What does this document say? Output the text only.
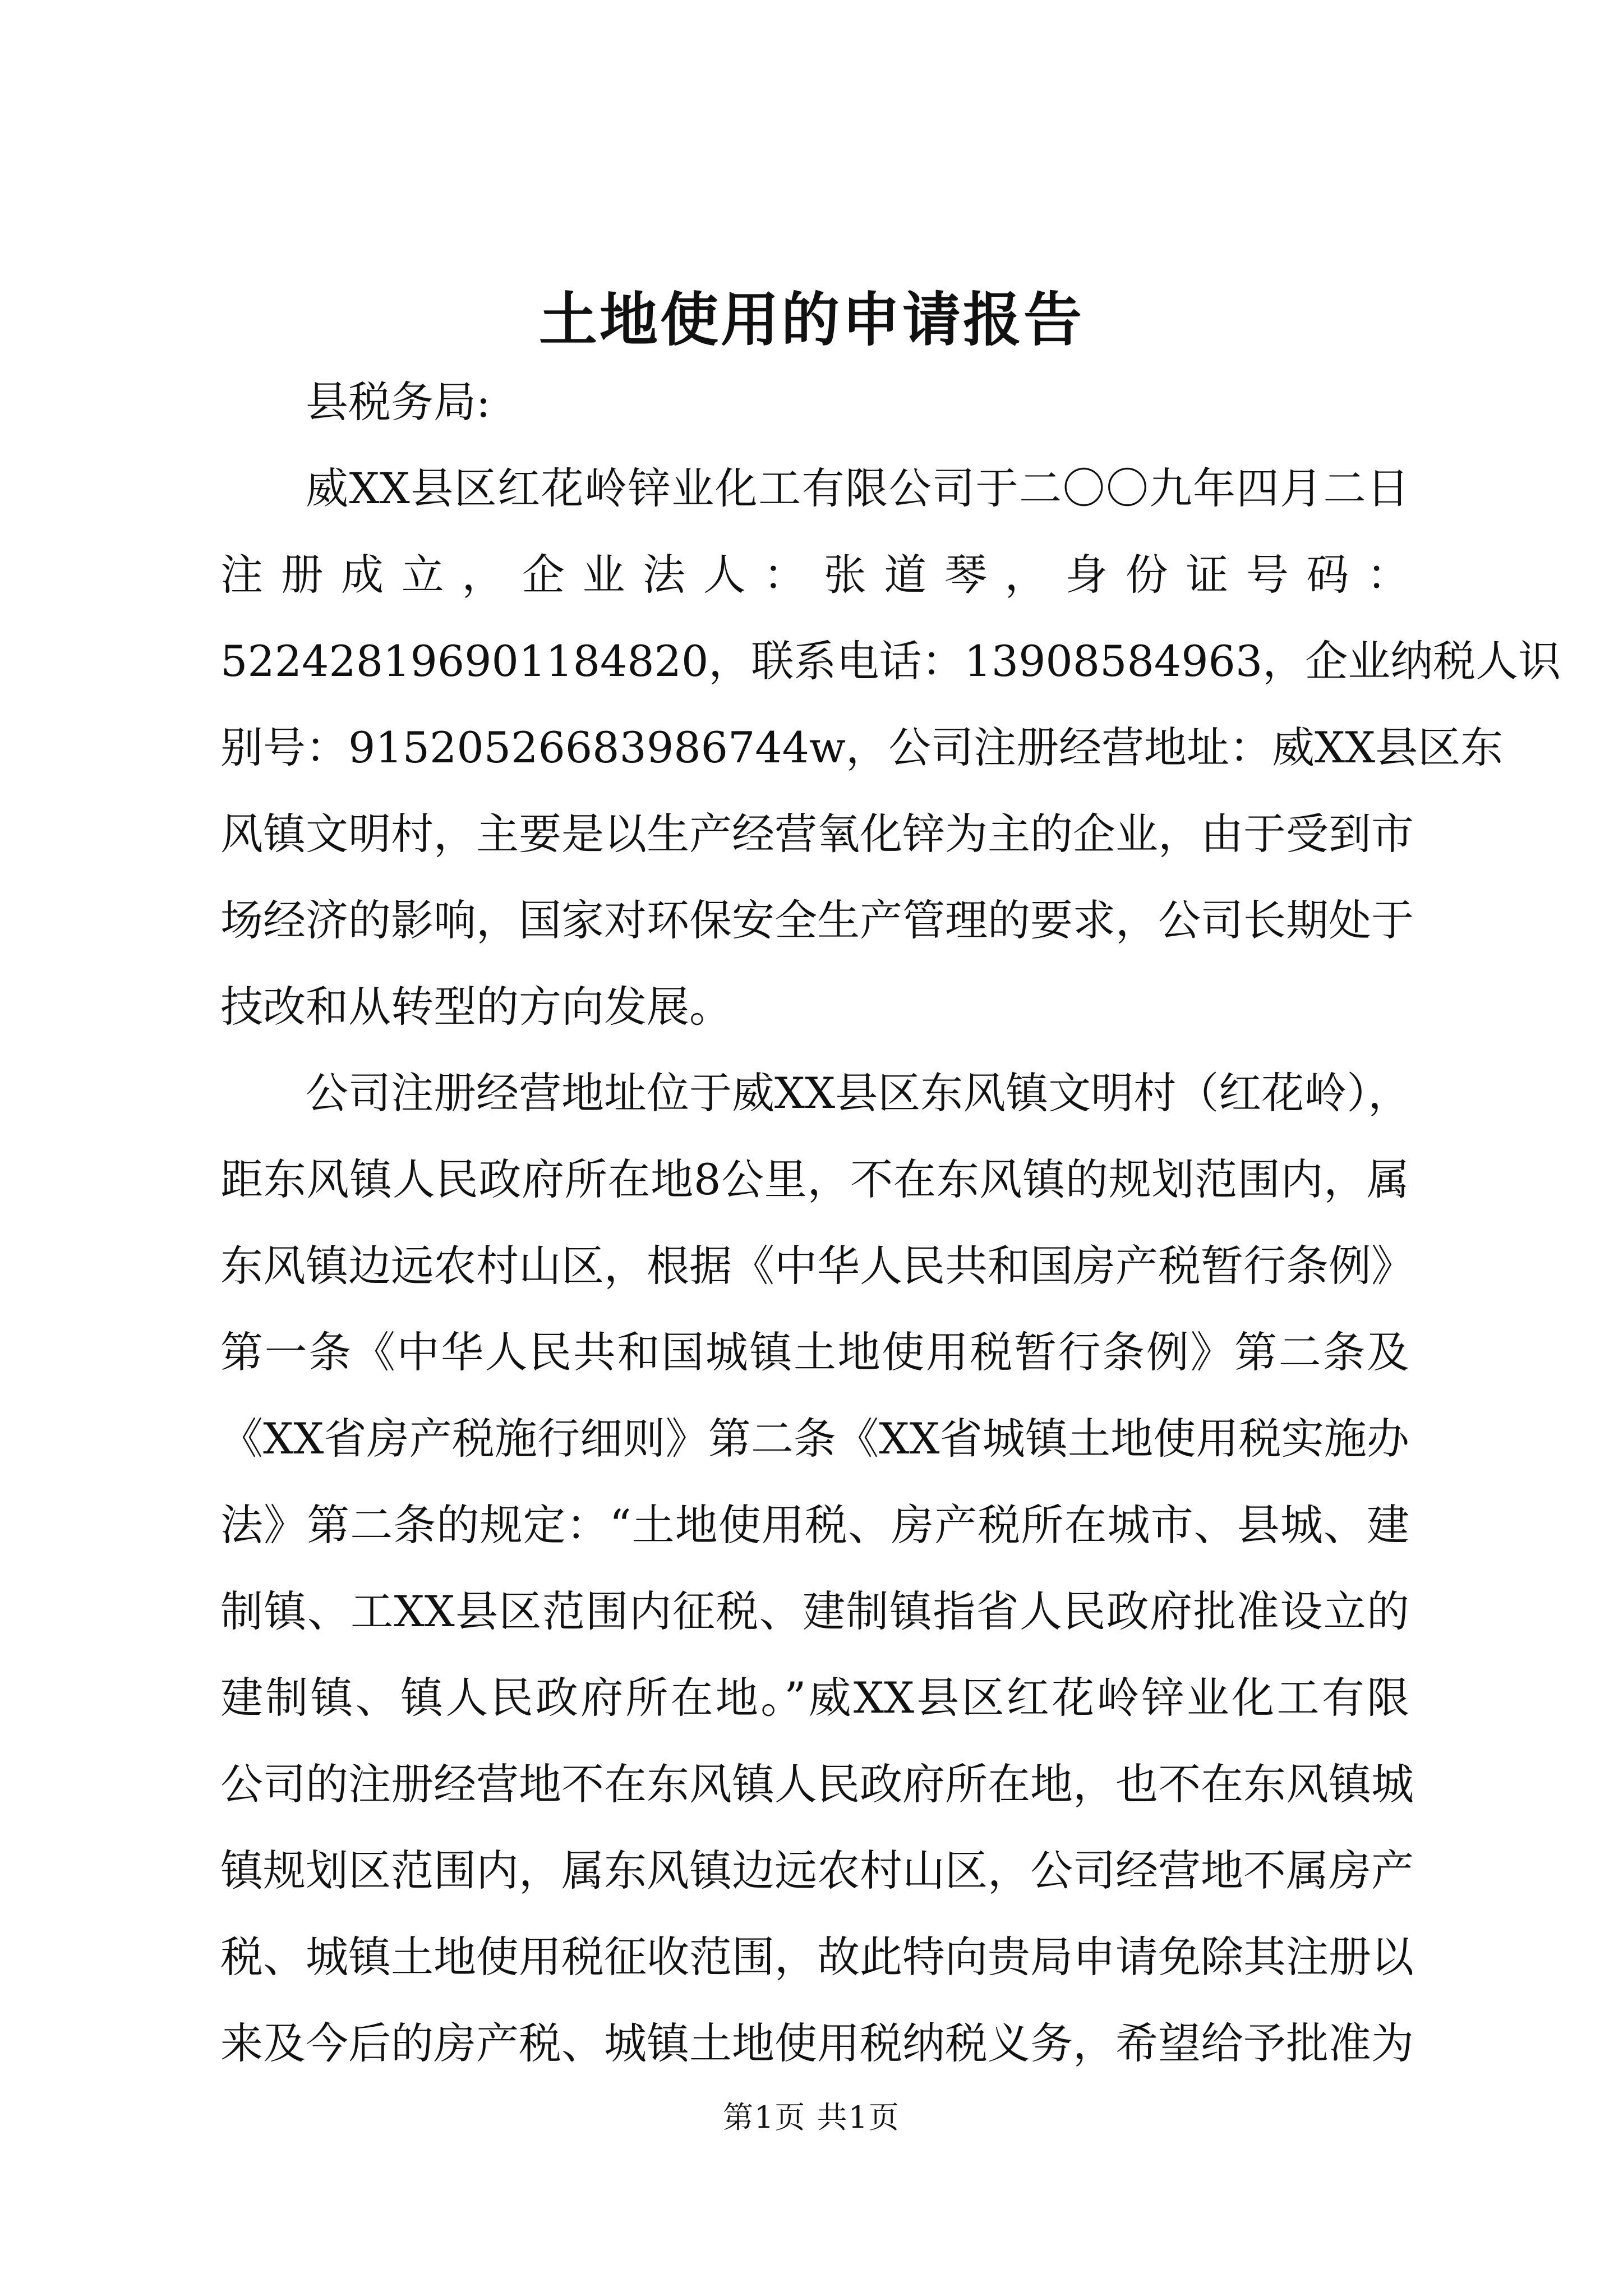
土地使用的申请报告

县税务局:

威XX县区红花岭锌业化工有限公司于二〇〇九年四月二日
注册成立，企业法人：张道琴，身份证号码：
522428196901184820，联系电话：13908584963，企业纳税人识
别号：915205266839867​44w，公司注册经营地址：威XX县区东
风镇文明村，主要是以生产经营氧化锌为主的企业，由于受到市
场经济的影响，国家对环保安全生产管理的要求，公司长期处于
技改和从转型的方向发展。

公司注册经营地址位于威XX县区东风镇文明村（红花岭），
距东风镇人民政府所在地8公里，不在东风镇的规划范围内，属
东风镇边远农村山区，根据《中华人民共和国房产税暂行条例》
第一条《中华人民共和国城镇土地使用税暂行条例》第二条及
《XX省房产税施行细则》第二条《XX省城镇土地使用税实施办
法》第二条的规定：“土地使用税、房产税所在城市、县城、建
制镇、工XX县区范围内征税、建制镇指省人民政府批准设立的
建制镇、镇人民政府所在地。”威XX县区红花岭锌业化工有限
公司的注册经营地不在东风镇人民政府所在地，也不在东风镇城
镇规划区范围内，属东风镇边远农村山区，公司经营地不属房产
税、城镇土地使用税征收范围，故此特向贵局申请免除其注册以
来及今后的房产税、城镇土地使用税纳税义务，希望给予批准为

第1页 共1页
